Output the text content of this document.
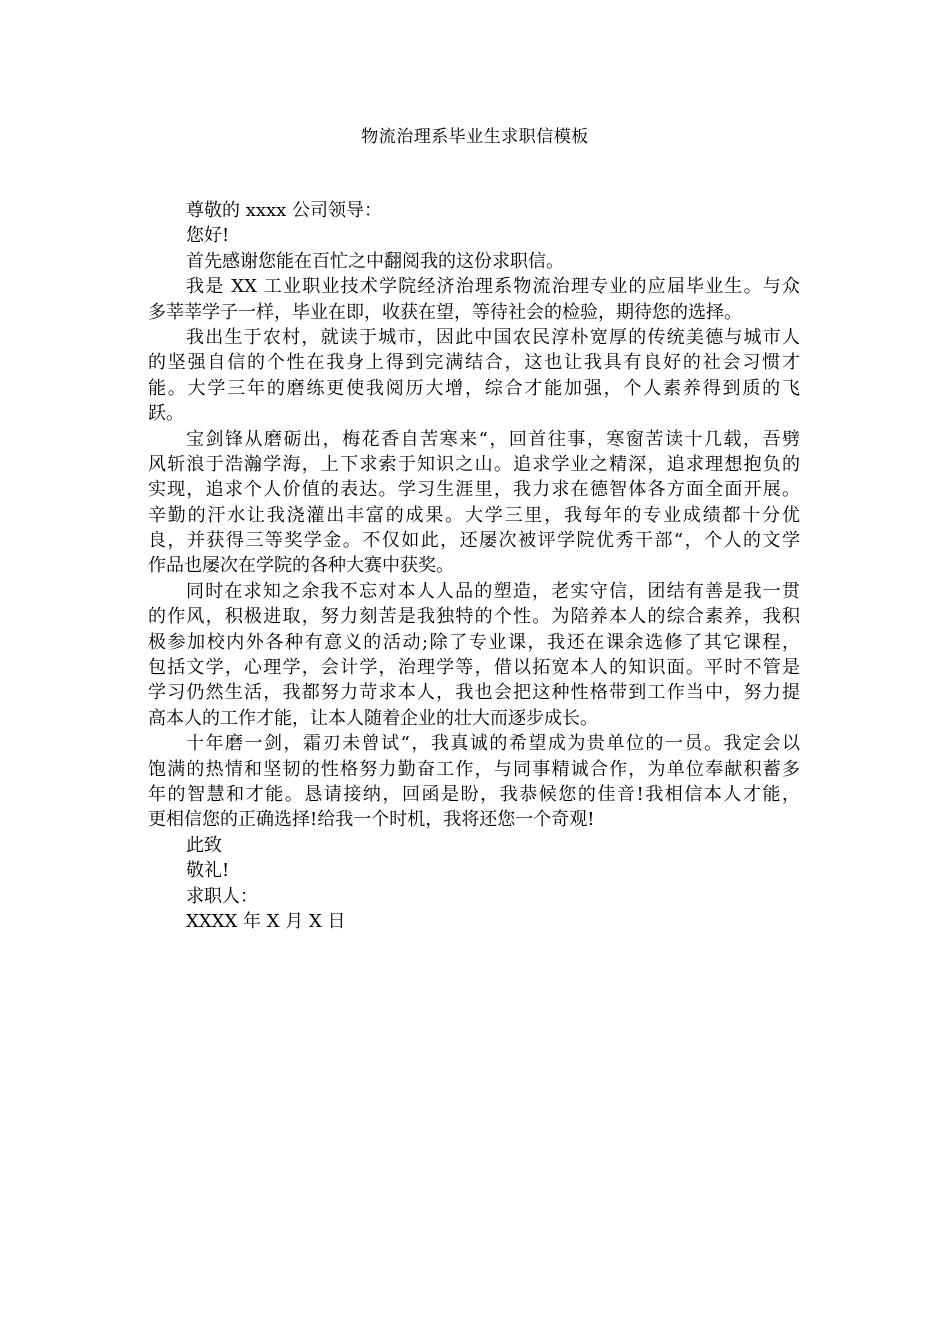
物流治理系毕业生求职信模板
尊敬的 xxxx 公司领导：
您好!
首先感谢您能在百忙之中翻阅我的这份求职信。
我是 XX 工业职业技术学院经济治理系物流治理专业的应届毕业生。与众
多莘莘学子一样，毕业在即，收获在望，等待社会的检验，期待您的选择。
我出生于农村，就读于城市，因此中国农民淳朴宽厚的传统美德与城市人
的坚强自信的个性在我身上得到完满结合，这也让我具有良好的社会习惯才
能。大学三年的磨练更使我阅历大增，综合才能加强，个人素养得到质的飞
跃。
宝剑锋从磨砺出，梅花香自苦寒来“，回首往事，寒窗苦读十几载，吾劈
风斩浪于浩瀚学海，上下求索于知识之山。追求学业之精深，追求理想抱负的
实现，追求个人价值的表达。学习生涯里，我力求在德智体各方面全面开展。
辛勤的汗水让我浇灌出丰富的成果。大学三里，我每年的专业成绩都十分优
良，并获得三等奖学金。不仅如此，还屡次被评学院优秀干部“，个人的文学
作品也屡次在学院的各种大赛中获奖。
同时在求知之余我不忘对本人人品的塑造，老实守信，团结有善是我一贯
的作风，积极进取，努力刻苦是我独特的个性。为陪养本人的综合素养，我积
极参加校内外各种有意义的活动;除了专业课，我还在课余选修了其它课程，
包括文学，心理学，会计学，治理学等，借以拓宽本人的知识面。平时不管是
学习仍然生活，我都努力苛求本人，我也会把这种性格带到工作当中，努力提
高本人的工作才能，让本人随着企业的壮大而逐步成长。
十年磨一剑，霜刃未曾试“，我真诚的希望成为贵单位的一员。我定会以
饱满的热情和坚韧的性格努力勤奋工作，与同事精诚合作，为单位奉献积蓄多
年的智慧和才能。恳请接纳，回函是盼，我恭候您的佳音!我相信本人才能，
更相信您的正确选择!给我一个时机，我将还您一个奇观!
此致
敬礼!
求职人：
XXXX 年 X 月 X 日
